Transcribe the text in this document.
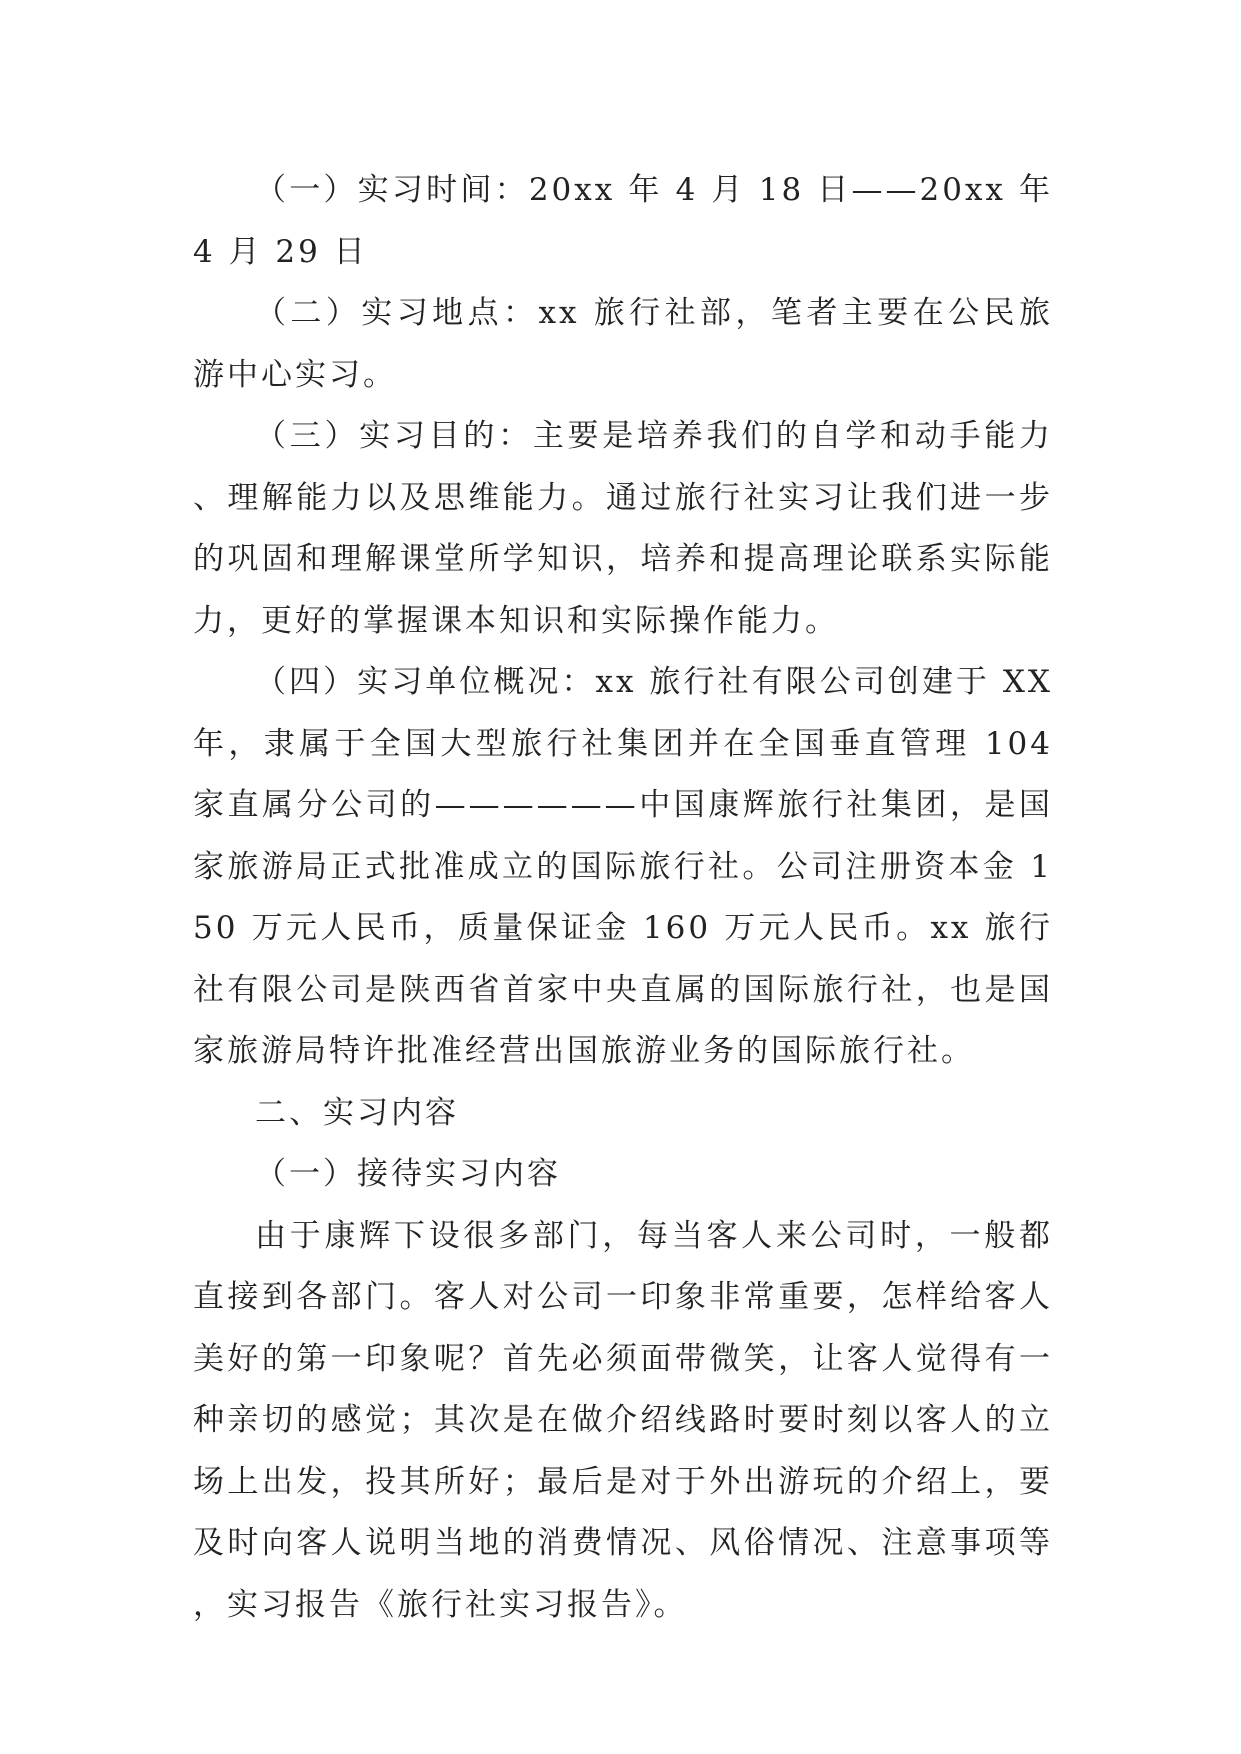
（一）实习时间：20xx 年 4 月 18 日——20xx 年 4 月 29 日

（二）实习地点：xx 旅行社部，笔者主要在公民旅游中心实习。

（三）实习目的：主要是培养我们的自学和动手能力、理解能力以及思维能力。通过旅行社实习让我们进一步的巩固和理解课堂所学知识，培养和提高理论联系实际能力，更好的掌握课本知识和实际操作能力。

（四）实习单位概况：xx 旅行社有限公司创建于 XX 年，隶属于全国大型旅行社集团并在全国垂直管理 104 家直属分公司的——————中国康辉旅行社集团，是国家旅游局正式批准成立的国际旅行社。公司注册资本金 150 万元人民币，质量保证金 160 万元人民币。xx 旅行社有限公司是陕西省首家中央直属的国际旅行社，也是国家旅游局特许批准经营出国旅游业务的国际旅行社。

二、实习内容

（一）接待实习内容

由于康辉下设很多部门，每当客人来公司时，一般都直接到各部门。客人对公司一印象非常重要，怎样给客人美好的第一印象呢？首先必须面带微笑，让客人觉得有一种亲切的感觉；其次是在做介绍线路时要时刻以客人的立场上出发，投其所好；最后是对于外出游玩的介绍上，要及时向客人说明当地的消费情况、风俗情况、注意事项等，实习报告《旅行社实习报告》。
